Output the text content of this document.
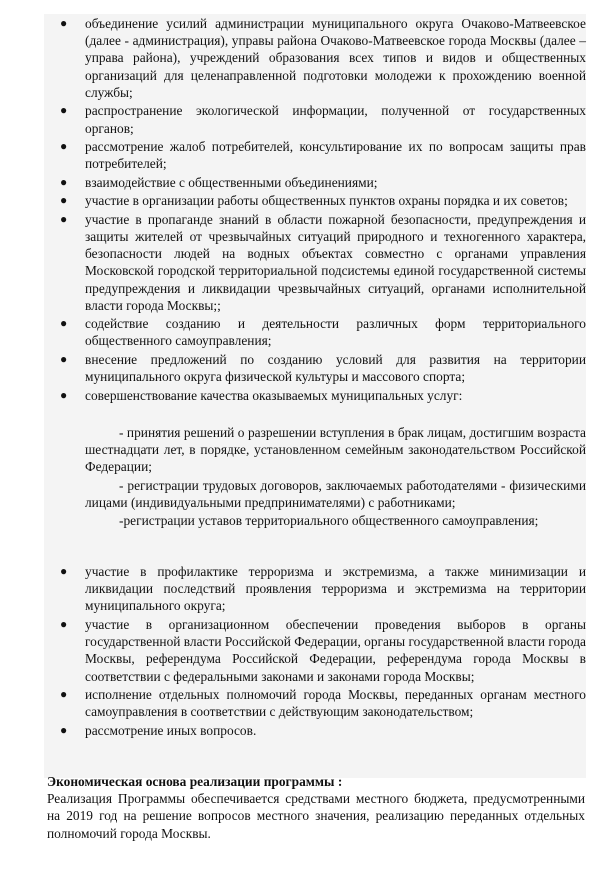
● объединение усилий администрации муниципального округа Очаково-Матвеевское (далее - администрация), управы района Очаково-Матвеевское города Москвы (далее – управа района), учреждений образования всех типов и видов и общественных организаций для целенаправленной подготовки молодежи к прохождению военной службы;
● распространение экологической информации, полученной от государственных органов;
● рассмотрение жалоб потребителей, консультирование их по вопросам защиты прав потребителей;
● взаимодействие с общественными объединениями;
● участие в организации работы общественных пунктов охраны порядка и их советов;
● участие в пропаганде знаний в области пожарной безопасности, предупреждения и защиты жителей от чрезвычайных ситуаций природного и техногенного характера, безопасности людей на водных объектах совместно с органами управления Московской городской территориальной подсистемы единой государственной системы предупреждения и ликвидации чрезвычайных ситуаций, органами исполнительной власти города Москвы;;
● содействие созданию и деятельности различных форм территориального общественного самоуправления;
● внесение предложений по созданию условий для развития на территории муниципального округа физической культуры и массового спорта;
● совершенствование качества оказываемых муниципальных услуг:

- принятия решений о разрешении вступления в брак лицам, достигшим возраста шестнадцати лет, в порядке, установленном семейным законодательством Российской Федерации;

- регистрации трудовых договоров, заключаемых работодателями - физическими лицами (индивидуальными предпринимателями) с работниками;

-регистрации уставов территориального общественного самоуправления;

● участие в профилактике терроризма и экстремизма, а также минимизации и ликвидации последствий проявления терроризма и экстремизма на территории муниципального округа;
● участие в организационном обеспечении проведения выборов в органы государственной власти Российской Федерации, органы государственной власти города Москвы, референдума Российской Федерации, референдума города Москвы в соответствии с федеральными законами и законами города Москвы;
● исполнение отдельных полномочий города Москвы, переданных органам местного самоуправления в соответствии с действующим законодательством;
● рассмотрение иных вопросов.

Экономическая основа реализации программы :

Реализация Программы обеспечивается средствами местного бюджета, предусмотренными на 2019 год на решение вопросов местного значения, реализацию переданных отдельных полномочий города Москвы.
